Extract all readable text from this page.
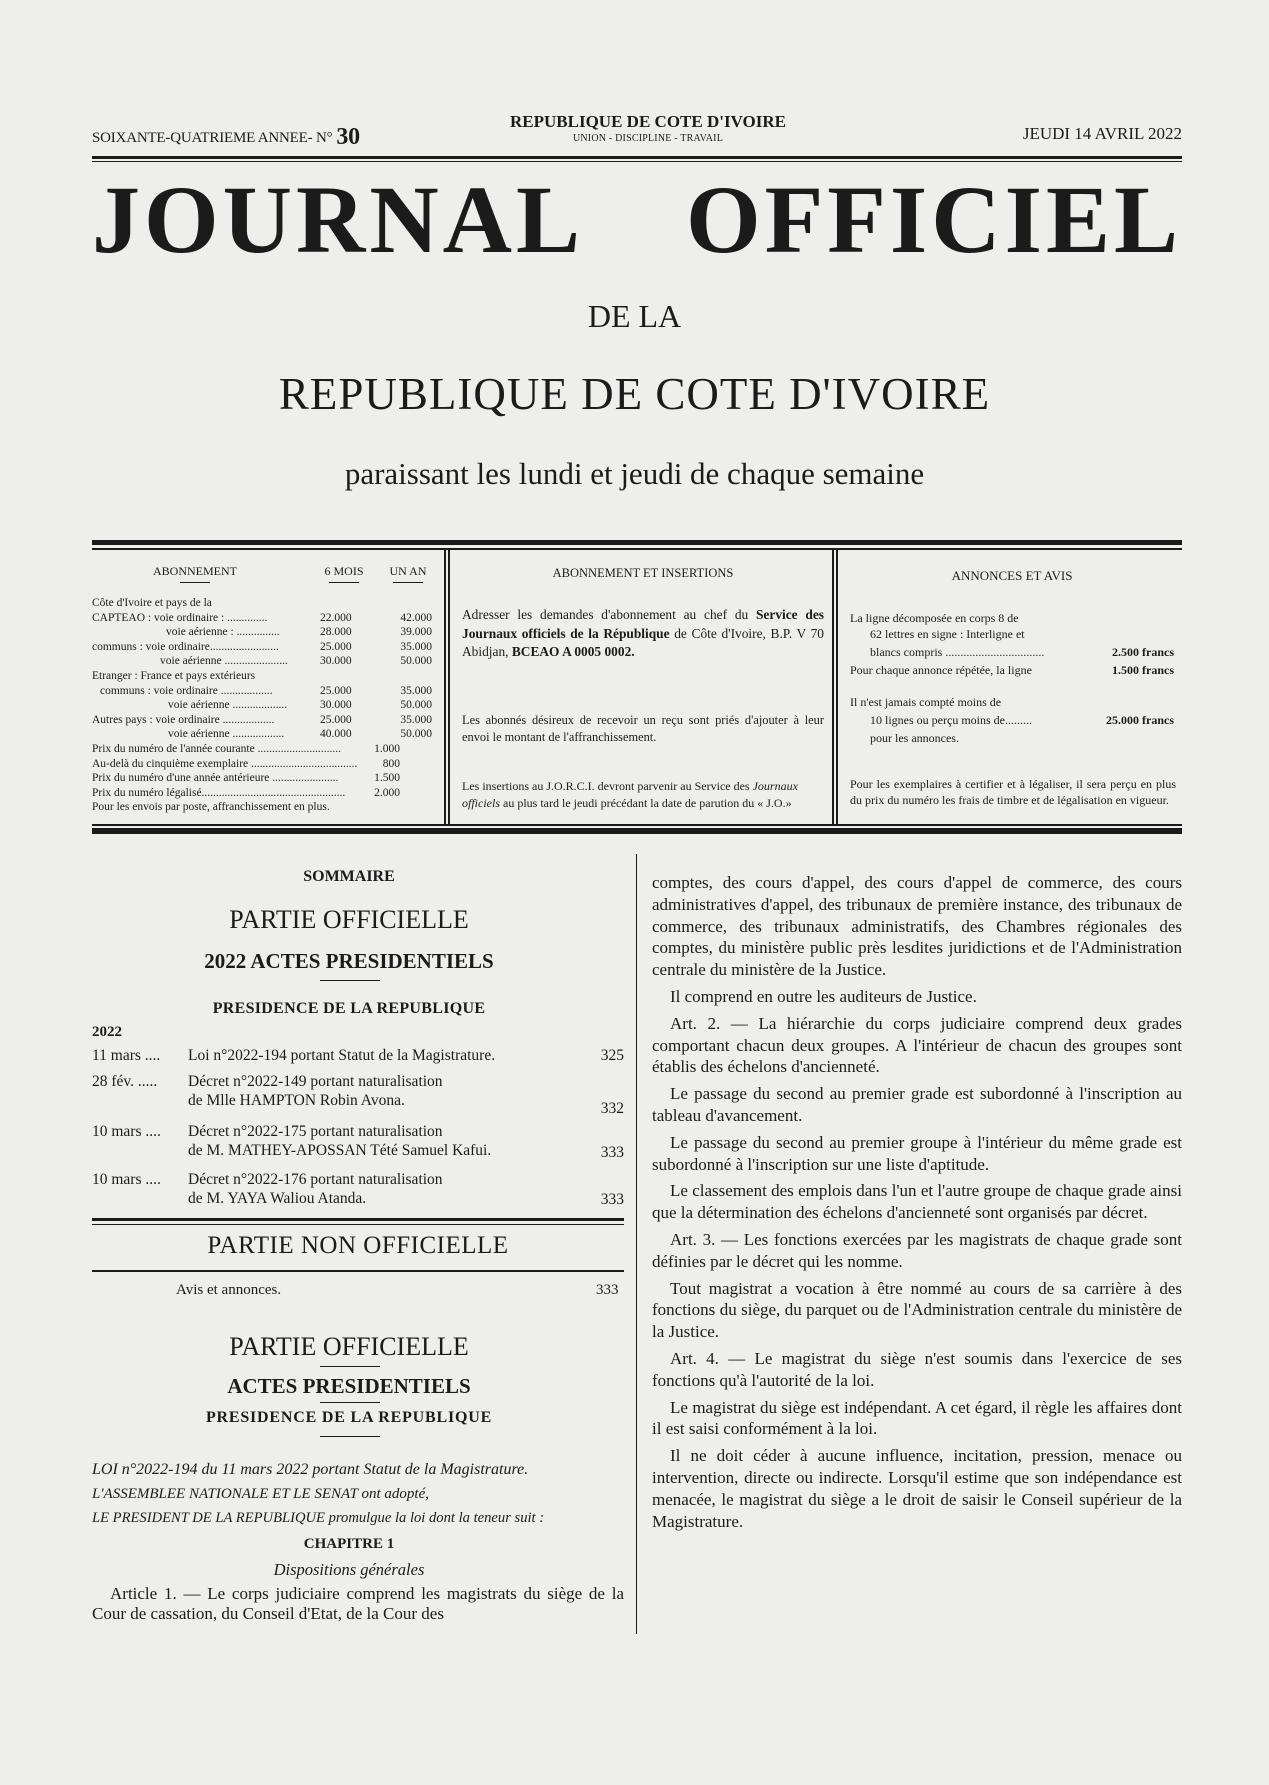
SOIXANTE-QUATRIEME ANNEE- N° 30
REPUBLIQUE DE COTE D'IVOIRE
UNION - DISCIPLINE - TRAVAIL	JEUDI 14 AVRIL 2022
JOURNAL OFFICIEL
DE LA
REPUBLIQUE DE COTE D'IVOIRE
paraissant les lundi et jeudi de chaque semaine
ABONNEMENT	6 MOIS	UN AN
Côte d'Ivoire et pays de la
CAPTEAO : voie ordinaire : ..............	22.000	42.000
voie aérienne : ...............	28.000	39.000
communs : voie ordinaire........................	25.000	35.000
voie aérienne ......................	30.000	50.000
Etranger : France et pays extérieurs
communs : voie ordinaire ..................	25.000	35.000
voie aérienne ...................	30.000	50.000
Autres pays : voie ordinaire ..................	25.000	35.000
voie aérienne ..................	40.000	50.000
Prix du numéro de l'année courante .............................	1.000
Au-delà du cinquième exemplaire .....................................	800
Prix du numéro d'une année antérieure .......................	1.500
Prix du numéro légalisé..................................................	2.000
Pour les envois par poste, affranchissement en plus.
ABONNEMENT ET INSERTIONS
Adresser les demandes d'abonnement au chef du Service des Journaux officiels de la République de Côte d'Ivoire, B.P. V 70 Abidjan, BCEAO A 0005 0002.
Les abonnés désireux de recevoir un reçu sont priés d'ajouter à leur envoi le montant de l'affranchissement.
Les insertions au J.O.R.C.I. devront parvenir au Service des Journaux officiels au plus tard le jeudi précédant la date de parution du « J.O.»
ANNONCES ET AVIS
La ligne décomposée en corps 8 de
62 lettres en signe : Interligne et
blancs compris .................................	2.500 francs
Pour chaque annonce répétée, la ligne	1.500 francs
Il n'est jamais compté moins de
10 lignes ou perçu moins de.........	25.000 francs
pour les annonces.
Pour les exemplaires à certifier et à légaliser, il sera perçu en plus du prix du numéro les frais de timbre et de légalisation en vigueur.
SOMMAIRE
PARTIE OFFICIELLE
2022 ACTES PRESIDENTIELS
PRESIDENCE DE LA REPUBLIQUE
2022
11 mars .... Loi n°2022-194 portant Statut de la Magistrature.	325
28 fév. ..... Décret n°2022-149 portant naturalisation
de Mlle HAMPTON Robin Avona.	332
10 mars .... Décret n°2022-175 portant naturalisation
de M. MATHEY-APOSSAN Tété Samuel Kafui.	333
10 mars .... Décret n°2022-176 portant naturalisation
de M. YAYA Waliou Atanda.	333
PARTIE NON OFFICIELLE
Avis et annonces.	333
PARTIE OFFICIELLE
ACTES PRESIDENTIELS
PRESIDENCE DE LA REPUBLIQUE
LOI n°2022-194 du 11 mars 2022 portant Statut de la Magistrature.
L'ASSEMBLEE NATIONALE ET LE SENAT ont adopté,
LE PRESIDENT DE LA REPUBLIQUE promulgue la loi dont la teneur suit :
CHAPITRE 1
Dispositions générales
Article 1. — Le corps judiciaire comprend les magistrats du siège de la Cour de cassation, du Conseil d'Etat, de la Cour des

comptes, des cours d'appel, des cours d'appel de commerce, des cours administratives d'appel, des tribunaux de première instance, des tribunaux de commerce, des tribunaux administratifs, des Chambres régionales des comptes, du ministère public près lesdites juridictions et de l'Administration centrale du ministère de la Justice.

Il comprend en outre les auditeurs de Justice.

Art. 2. — La hiérarchie du corps judiciaire comprend deux grades comportant chacun deux groupes. A l'intérieur de chacun des groupes sont établis des échelons d'ancienneté.

Le passage du second au premier grade est subordonné à l'inscription au tableau d'avancement.

Le passage du second au premier groupe à l'intérieur du même grade est subordonné à l'inscription sur une liste d'aptitude.

Le classement des emplois dans l'un et l'autre groupe de chaque grade ainsi que la détermination des échelons d'ancienneté sont organisés par décret.

Art. 3. — Les fonctions exercées par les magistrats de chaque grade sont définies par le décret qui les nomme.

Tout magistrat a vocation à être nommé au cours de sa carrière à des fonctions du siège, du parquet ou de l'Administration centrale du ministère de la Justice.

Art. 4. — Le magistrat du siège n'est soumis dans l'exercice de ses fonctions qu'à l'autorité de la loi.

Le magistrat du siège est indépendant. A cet égard, il règle les affaires dont il est saisi conformément à la loi.

Il ne doit céder à aucune influence, incitation, pression, menace ou intervention, directe ou indirecte. Lorsqu'il estime que son indépendance est menacée, le magistrat du siège a le droit de saisir le Conseil supérieur de la Magistrature.
